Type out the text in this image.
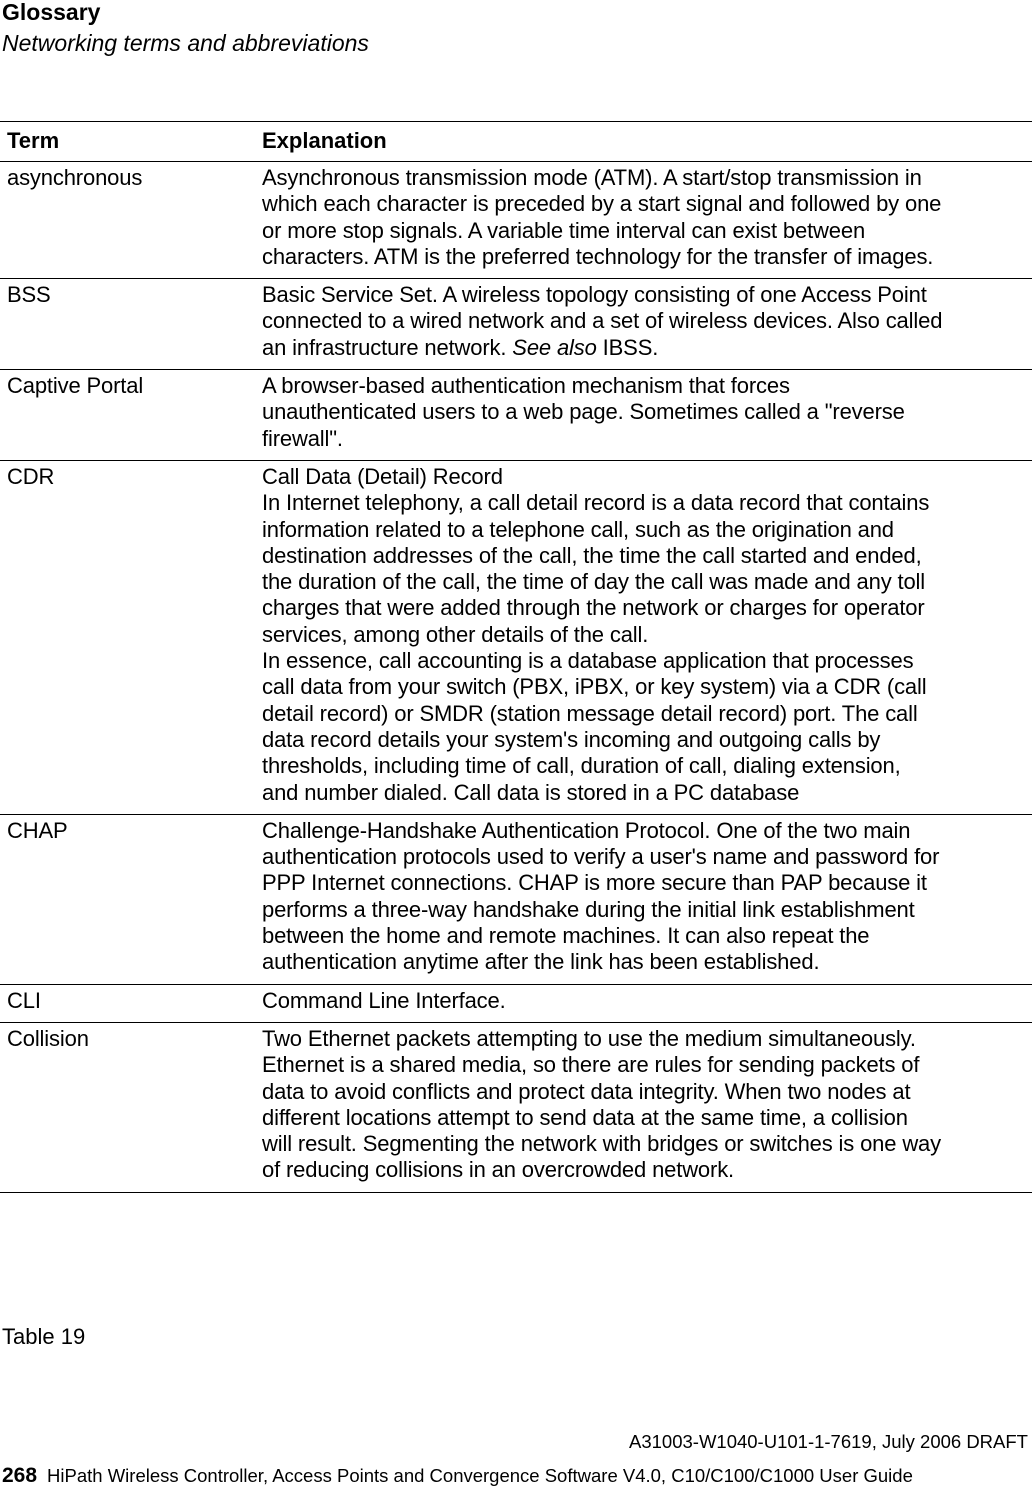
Glossary
Networking terms and abbreviations
Term	Explanation
asynchronous	Asynchronous transmission mode (ATM). A start/stop transmission in
which each character is preceded by a start signal and followed by one
or more stop signals. A variable time interval can exist between
characters. ATM is the preferred technology for the transfer of images.
BSS	Basic Service Set. A wireless topology consisting of one Access Point
connected to a wired network and a set of wireless devices. Also called
an infrastructure network. See also IBSS.
Captive Portal	A browser-based authentication mechanism that forces
unauthenticated users to a web page. Sometimes called a "reverse
firewall".
CDR	Call Data (Detail) Record
In Internet telephony, a call detail record is a data record that contains
information related to a telephone call, such as the origination and
destination addresses of the call, the time the call started and ended,
the duration of the call, the time of day the call was made and any toll
charges that were added through the network or charges for operator
services, among other details of the call.
In essence, call accounting is a database application that processes
call data from your switch (PBX, iPBX, or key system) via a CDR (call
detail record) or SMDR (station message detail record) port. The call
data record details your system's incoming and outgoing calls by
thresholds, including time of call, duration of call, dialing extension,
and number dialed. Call data is stored in a PC database
CHAP	Challenge-Handshake Authentication Protocol. One of the two main
authentication protocols used to verify a user's name and password for
PPP Internet connections. CHAP is more secure than PAP because it
performs a three-way handshake during the initial link establishment
between the home and remote machines. It can also repeat the
authentication anytime after the link has been established.
CLI	Command Line Interface.
Collision	Two Ethernet packets attempting to use the medium simultaneously.
Ethernet is a shared media, so there are rules for sending packets of
data to avoid conflicts and protect data integrity. When two nodes at
different locations attempt to send data at the same time, a collision
will result. Segmenting the network with bridges or switches is one way
of reducing collisions in an overcrowded network.
Table 19
A31003-W1040-U101-1-7619, July 2006 DRAFT
268 HiPath Wireless Controller, Access Points and Convergence Software V4.0, C10/C100/C1000 User Guide
